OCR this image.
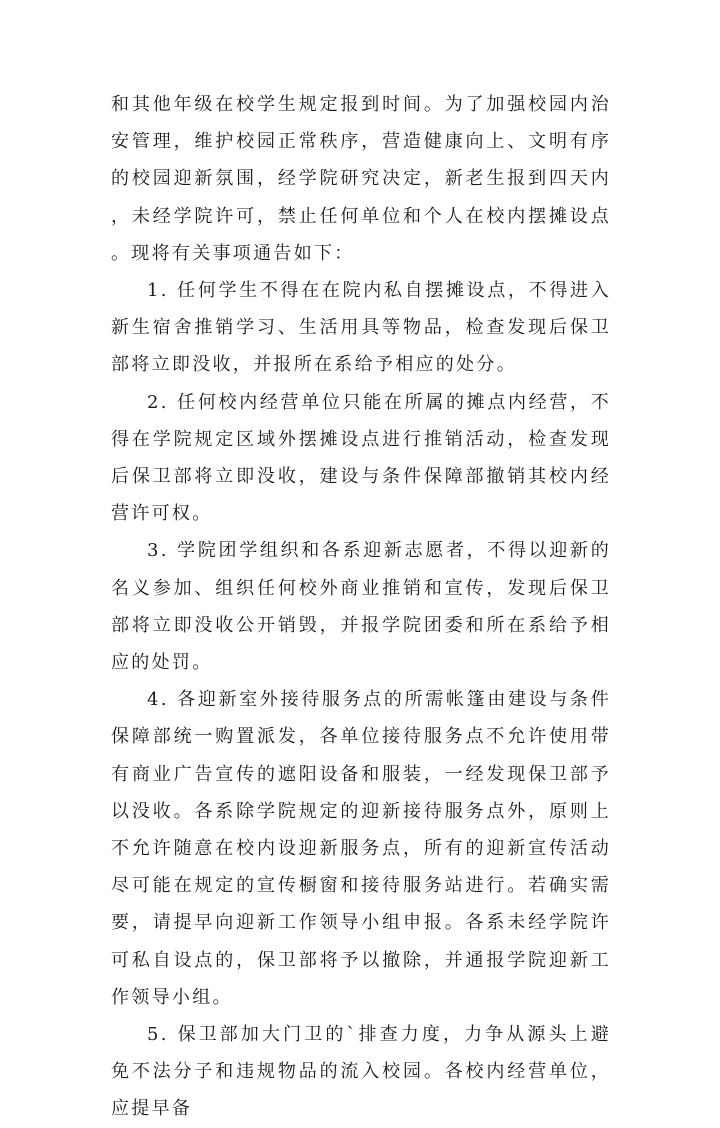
和其他年级在校学生规定报到时间。为了加强校园内治安管理，维护校园正常秩序，营造健康向上、文明有序的校园迎新氛围，经学院研究决定，新老生报到四天内，未经学院许可，禁止任何单位和个人在校内摆摊设点。现将有关事项通告如下：

1. 任何学生不得在在院内私自摆摊设点，不得进入新生宿舍推销学习、生活用具等物品，检查发现后保卫部将立即没收，并报所在系给予相应的处分。

2. 任何校内经营单位只能在所属的摊点内经营，不得在学院规定区域外摆摊设点进行推销活动，检查发现后保卫部将立即没收，建设与条件保障部撤销其校内经营许可权。

3. 学院团学组织和各系迎新志愿者，不得以迎新的名义参加、组织任何校外商业推销和宣传，发现后保卫部将立即没收公开销毁，并报学院团委和所在系给予相应的处罚。

4. 各迎新室外接待服务点的所需帐篷由建设与条件保障部统一购置派发，各单位接待服务点不允许使用带有商业广告宣传的遮阳设备和服装，一经发现保卫部予以没收。各系除学院规定的迎新接待服务点外，原则上不允许随意在校内设迎新服务点，所有的迎新宣传活动尽可能在规定的宣传橱窗和接待服务站进行。若确实需要，请提早向迎新工作领导小组申报。各系未经学院许可私自设点的，保卫部将予以撤除，并通报学院迎新工作领导小组。

5. 保卫部加大门卫的`排查力度，力争从源头上避免不法分子和违规物品的流入校园。各校内经营单位，应提早备
